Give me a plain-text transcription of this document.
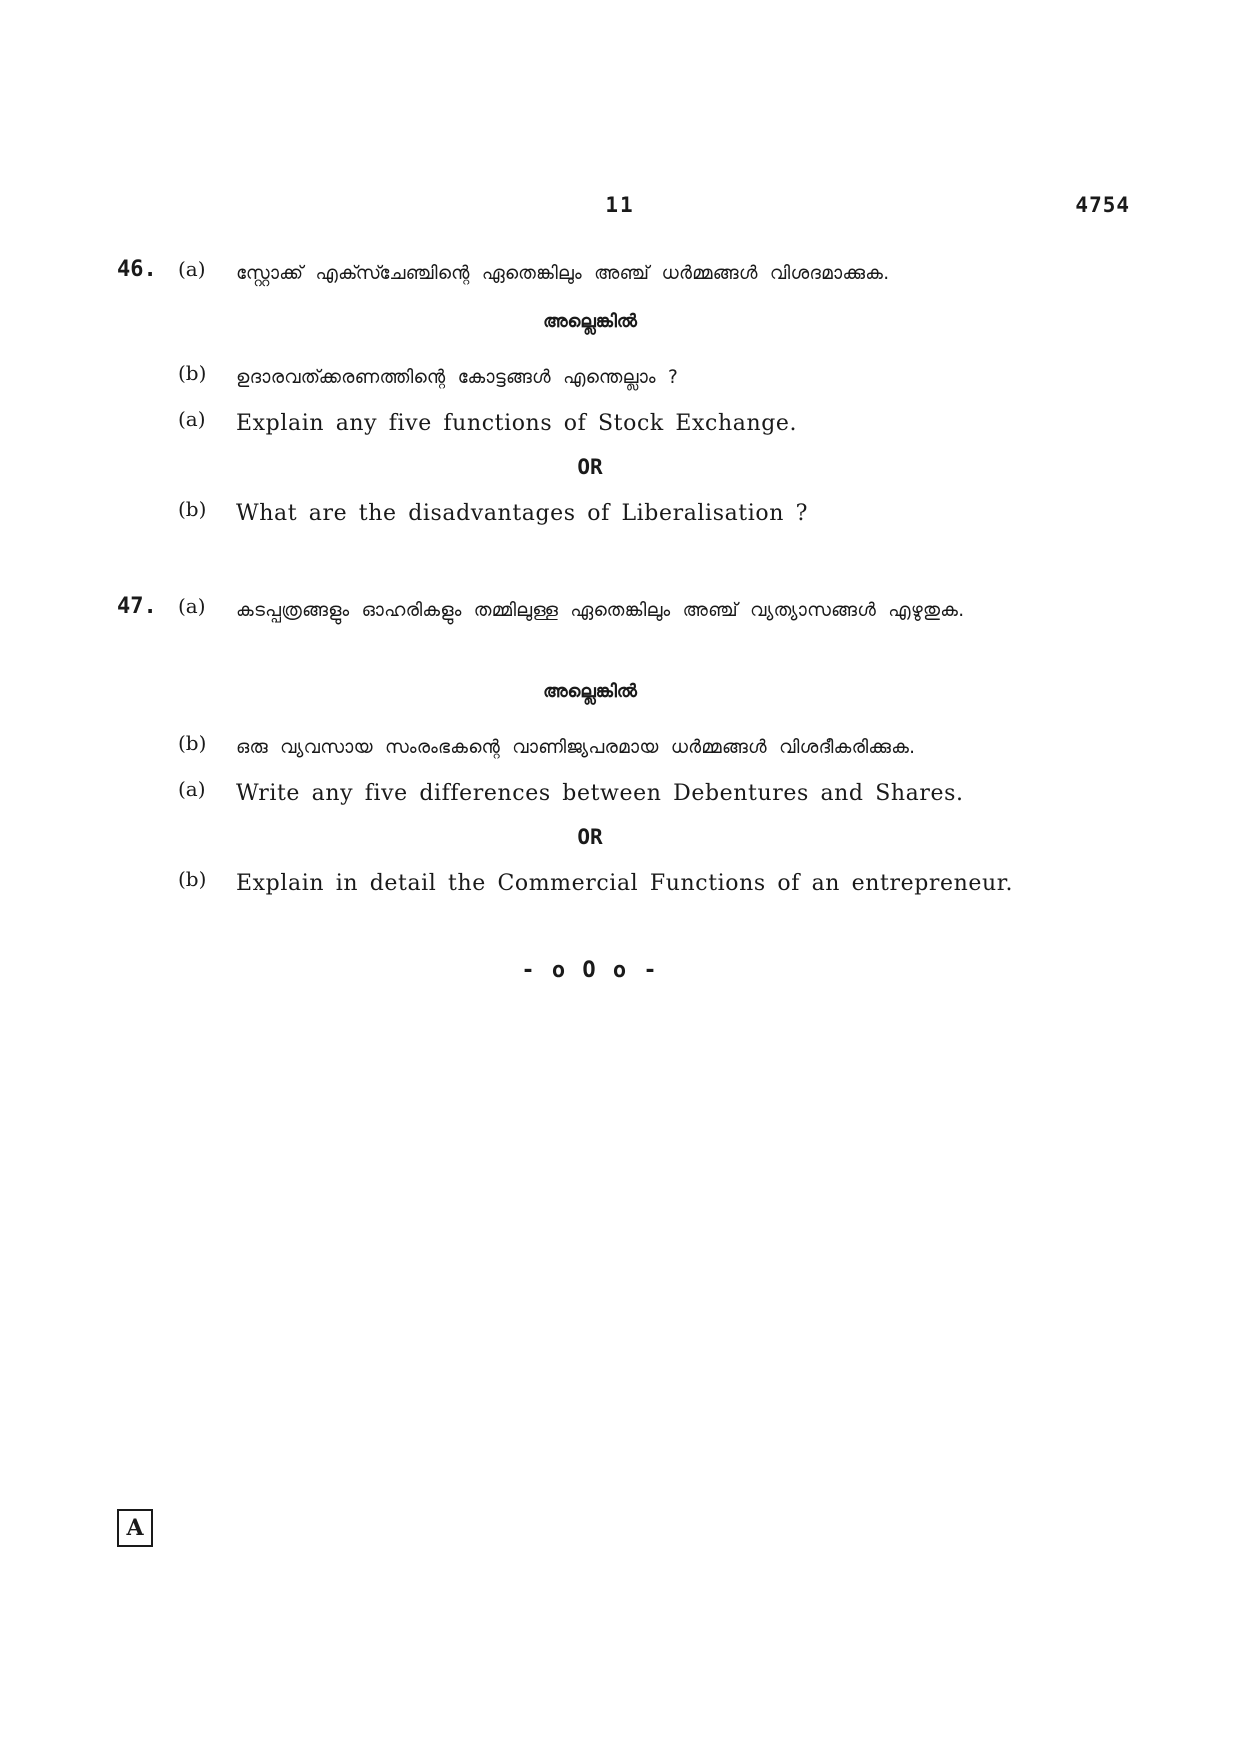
11	4754
46. (a) സ്റ്റോക്ക് എക്സ്ചേഞ്ചിന്റെ ഏതെങ്കിലും അഞ്ച് ധർമ്മങ്ങൾ വിശദമാക്കുക.
അല്ലെങ്കിൽ
(b) ഉദാരവത്ക്കരണത്തിന്റെ കോട്ടങ്ങൾ എന്തെല്ലാം ?
(a) Explain any five functions of Stock Exchange.
OR
(b) What are the disadvantages of Liberalisation ?
47. (a) കടപ്പത്രങ്ങളും ഓഹരികളും തമ്മിലുള്ള ഏതെങ്കിലും അഞ്ച് വ്യത്യാസങ്ങൾ എഴുതുക.
അല്ലെങ്കിൽ
(b) ഒരു വ്യവസായ സംരംഭകന്റെ വാണിജ്യപരമായ ധർമ്മങ്ങൾ വിശദീകരിക്കുക.
(a) Write any five differences between Debentures and Shares.
OR
(b) Explain in detail the Commercial Functions of an entrepreneur.
- o O o -
A
